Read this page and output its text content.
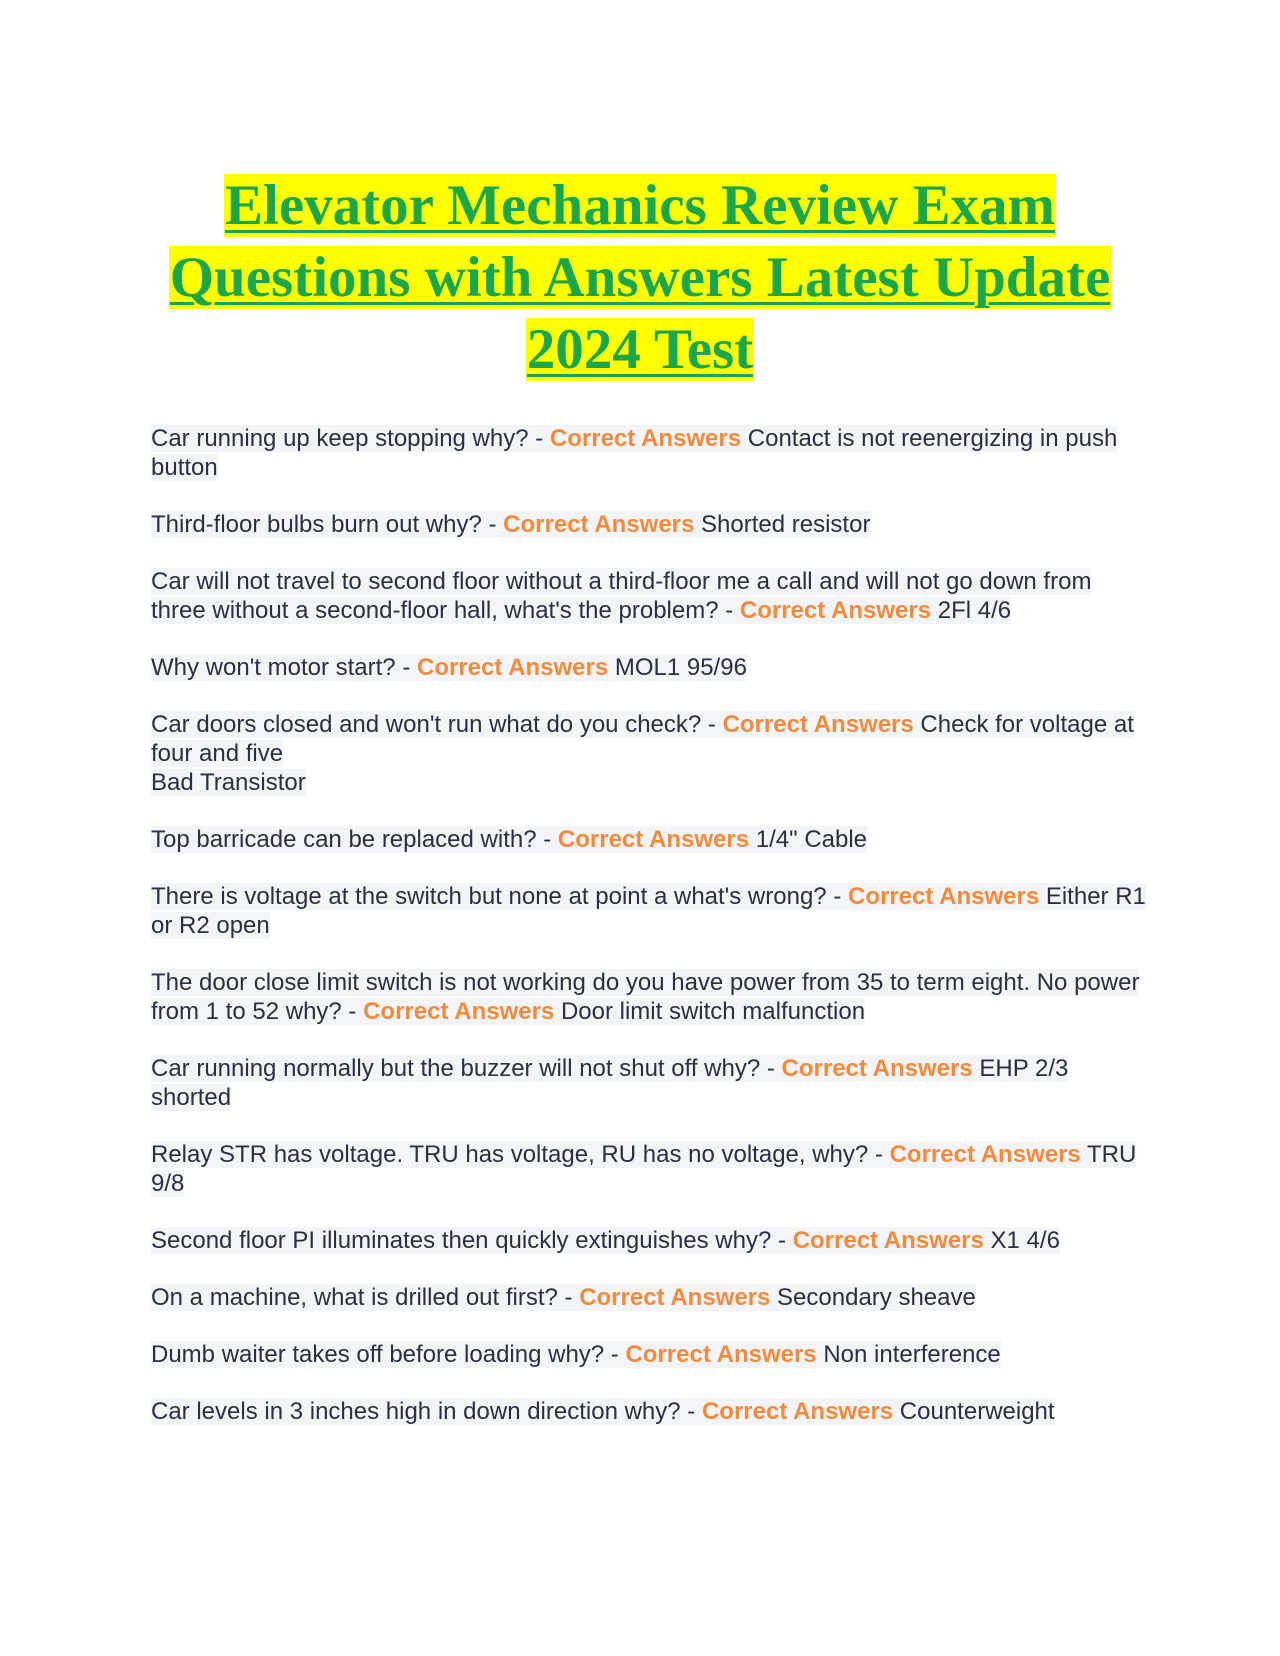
Elevator Mechanics Review Exam
Questions with Answers Latest Update
2024 Test
Car running up keep stopping why? - Correct Answers Contact is not reenergizing in push button
Third-floor bulbs burn out why? - Correct Answers Shorted resistor
Car will not travel to second floor without a third-floor me a call and will not go down from three without a second-floor hall, what's the problem? - Correct Answers 2Fl 4/6
Why won't motor start? - Correct Answers MOL1 95/96
Car doors closed and won't run what do you check? - Correct Answers Check for voltage at four and five
Bad Transistor
Top barricade can be replaced with? - Correct Answers 1/4" Cable
There is voltage at the switch but none at point a what's wrong? - Correct Answers Either R1 or R2 open
The door close limit switch is not working do you have power from 35 to term eight. No power from 1 to 52 why? - Correct Answers Door limit switch malfunction
Car running normally but the buzzer will not shut off why? - Correct Answers EHP 2/3 shorted
Relay STR has voltage. TRU has voltage, RU has no voltage, why? - Correct Answers TRU 9/8
Second floor PI illuminates then quickly extinguishes why? - Correct Answers X1 4/6
On a machine, what is drilled out first? - Correct Answers Secondary sheave
Dumb waiter takes off before loading why? - Correct Answers Non interference
Car levels in 3 inches high in down direction why? - Correct Answers Counterweight
